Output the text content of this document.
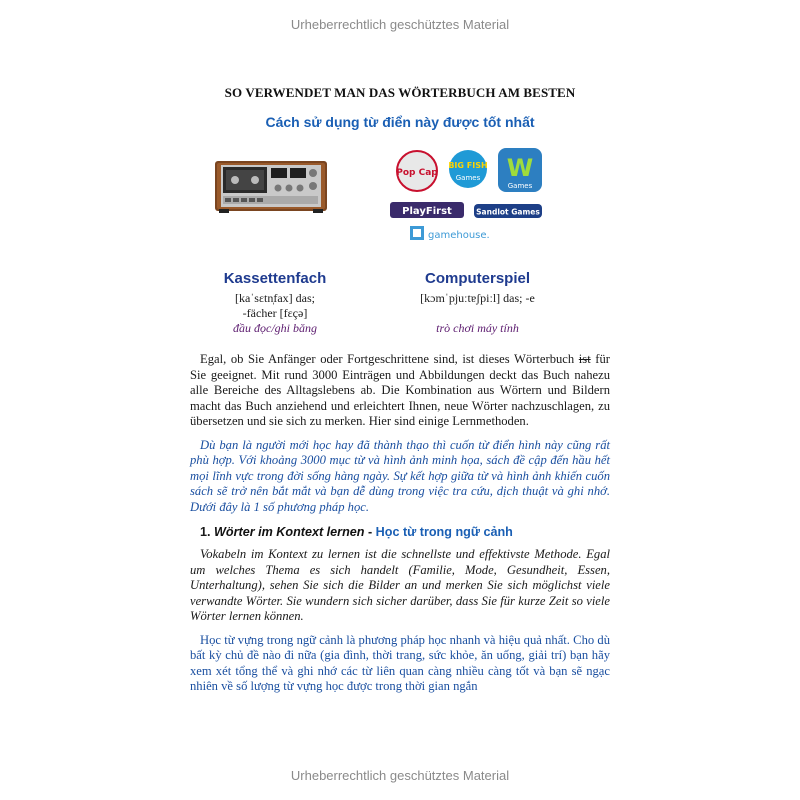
Urheberrechtlich geschütztes Material
SO VERWENDET MAN DAS WÖRTERBUCH AM BESTEN
Cách sử dụng từ điển này được tốt nhất
Pop Cap
BIG FISH
Games W
Games
PlayFirst	Sandlot Games
gamehouse.
Kassettenfach
[kaˈsɛtn̩fax] das;
-fächer [fɛçə]
đầu đọc/ghi băng
Computerspiel
[kɔmˈpjuːtɐʃpiːl] das; -e
trò chơi máy tính

Egal, ob Sie Anfänger oder Fortgeschrittene sind, ist dieses Wörterbuch ist für Sie geeignet. Mit rund 3000 Einträgen und Abbildungen deckt das Buch nahezu alle Bereiche des Alltagslebens ab. Die Kombination aus Wörtern und Bildern macht das Buch anziehend und erleichtert Ihnen, neue Wörter nachzuschlagen, zu übersetzen und sie sich zu merken. Hier sind einige Lernmethoden.

Dù bạn là người mới học hay đã thành thạo thì cuốn từ điển hình này cũng rất phù hợp. Với khoảng 3000 mục từ và hình ảnh minh họa, sách đề cập đến hầu hết mọi lĩnh vực trong đời sống hàng ngày. Sự kết hợp giữa từ và hình ảnh khiến cuốn sách sẽ trở nên bắt mắt và bạn dễ dùng trong việc tra cứu, dịch thuật và ghi nhớ. Dưới đây là 1 số phương pháp học.

1. Wörter im Kontext lernen - Học từ trong ngữ cảnh

Vokabeln im Kontext zu lernen ist die schnellste und effektivste Methode. Egal um welches Thema es sich handelt (Familie, Mode, Gesundheit, Essen, Unterhaltung), sehen Sie sich die Bilder an und merken Sie sich möglichst viele verwandte Wörter. Sie wundern sich sicher darüber, dass Sie für kurze Zeit so viele Wörter lernen können.

Học từ vựng trong ngữ cảnh là phương pháp học nhanh và hiệu quả nhất. Cho dù bất kỳ chủ đề nào đi nữa (gia đình, thời trang, sức khỏe, ăn uống, giải trí) bạn hãy xem xét tổng thể và ghi nhớ các từ liên quan càng nhiều càng tốt và bạn sẽ ngạc nhiên về số lượng từ vựng học được trong thời gian ngắn

Urheberrechtlich geschütztes Material
